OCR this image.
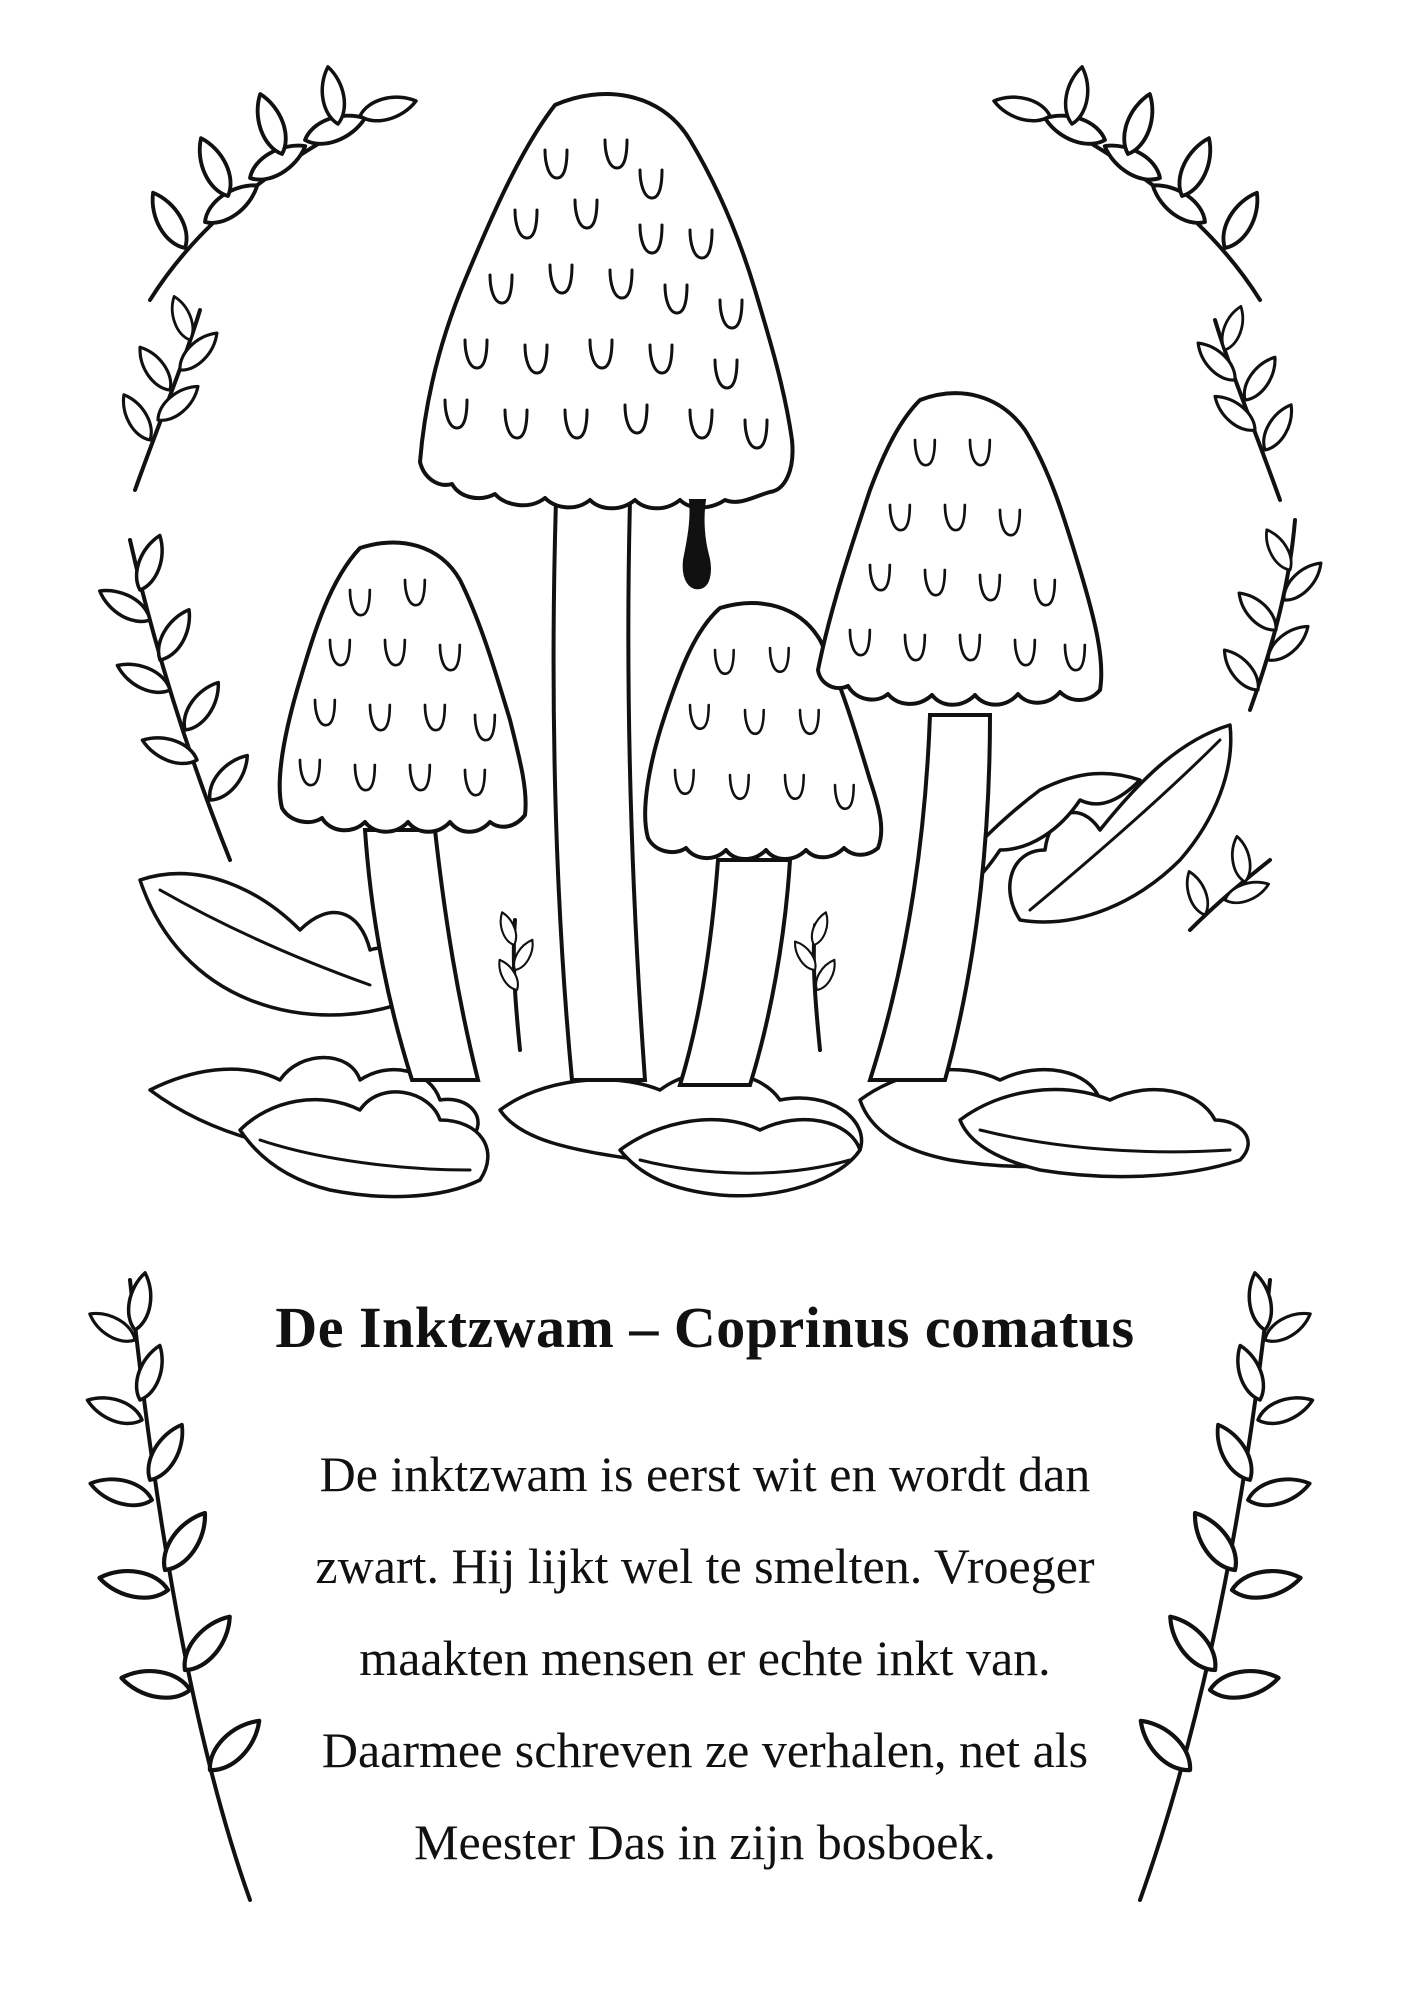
De Inktzwam – Coprinus comatus
De inktzwam is eerst wit en wordt dan
zwart. Hij lijkt wel te smelten. Vroeger
maakten mensen er echte inkt van.
Daarmee schreven ze verhalen, net als
Meester Das in zijn bosboek.
